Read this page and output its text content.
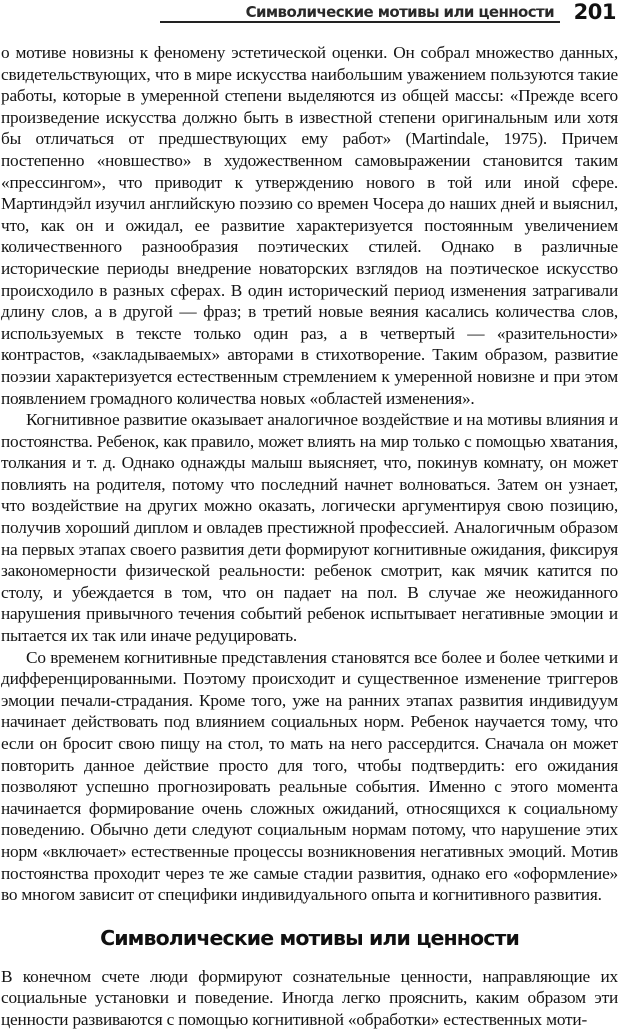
Символические мотивы или ценности 201

о мотиве новизны к феномену эстетической оценки. Он собрал множество данных, свидетельствующих, что в мире искусства наибольшим уважением пользуются такие работы, которые в умеренной степени выделяются из общей массы: «Прежде всего произведение искусства должно быть в известной степени оригинальным или хотя бы отличаться от предшествующих ему работ» (Martindale, 1975). Причем постепенно «новшество» в художественном самовыражении становится таким «прессингом», что приводит к утверждению нового в той или иной сфере. Мартиндэйл изучил английскую поэзию со времен Чосера до наших дней и выяснил, что, как он и ожидал, ее развитие характеризуется постоянным увеличением количественного разнообразия поэтических стилей. Однако в различные исторические периоды внедрение новаторских взглядов на поэтическое искусство происходило в разных сферах. В один исторический период изменения затрагивали длину слов, а в другой — фраз; в третий новые веяния касались количества слов, используемых в тексте только один раз, а в четвертый — «разительности» контрастов, «закладываемых» авторами в стихотворение. Таким образом, развитие поэзии характеризуется естественным стремлением к умеренной новизне и при этом появлением громадного количества новых «областей изменения».

Когнитивное развитие оказывает аналогичное воздействие и на мотивы влияния и постоянства. Ребенок, как правило, может влиять на мир только с помощью хватания, толкания и т. д. Однако однажды малыш выясняет, что, покинув комнату, он может повлиять на родителя, потому что последний начнет волноваться. Затем он узнает, что воздействие на других можно оказать, логически аргументируя свою позицию, получив хороший диплом и овладев престижной профессией. Аналогичным образом на первых этапах своего развития дети формируют когнитивные ожидания, фиксируя закономерности физической реальности: ребенок смотрит, как мячик катится по столу, и убеждается в том, что он падает на пол. В случае же неожиданного нарушения привычного течения событий ребенок испытывает негативные эмоции и пытается их так или иначе редуцировать.

Со временем когнитивные представления становятся все более и более четкими и дифференцированными. Поэтому происходит и существенное изменение триггеров эмоции печали-страдания. Кроме того, уже на ранних этапах развития индивидуум начинает действовать под влиянием социальных норм. Ребенок научается тому, что если он бросит свою пищу на стол, то мать на него рассердится. Сначала он может повторить данное действие просто для того, чтобы подтвердить: его ожидания позволяют успешно прогнозировать реальные события. Именно с этого момента начинается формирование очень сложных ожиданий, относящихся к социальному поведению. Обычно дети следуют социальным нормам потому, что нарушение этих норм «включает» естественные процессы возникновения негативных эмоций. Мотив постоянства проходит через те же самые стадии развития, однако его «оформление» во многом зависит от специфики индивидуального опыта и когнитивного развития.

Символические мотивы или ценности

В конечном счете люди формируют сознательные ценности, направляющие их социальные установки и поведение. Иногда легко прояснить, каким образом эти ценности развиваются с помощью когнитивной «обработки» естественных моти-
